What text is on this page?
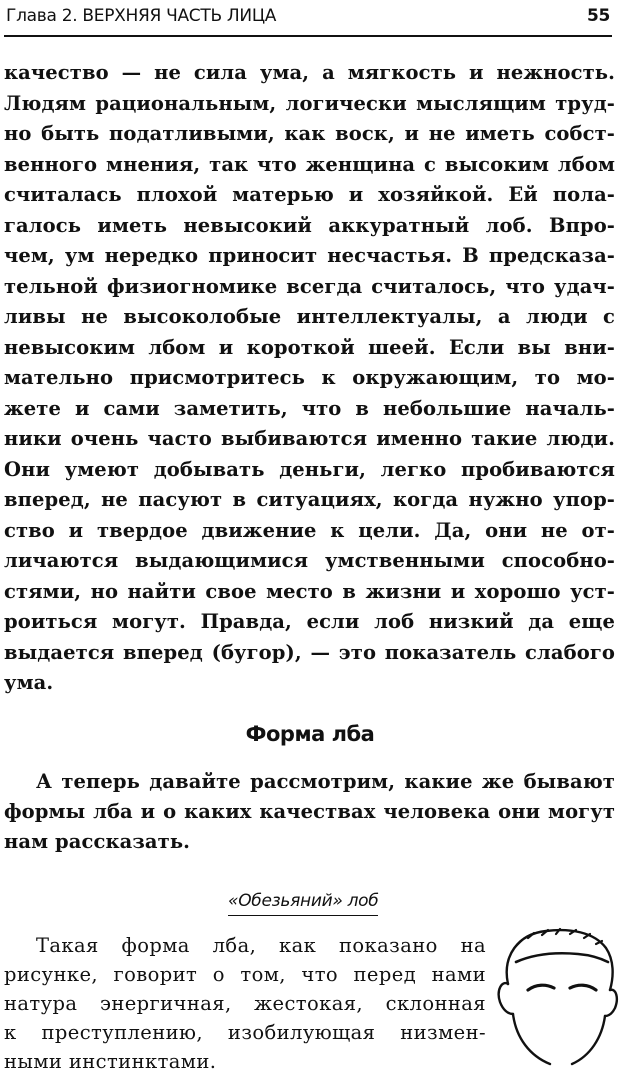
Глава 2. ВЕРХНЯЯ ЧАСТЬ ЛИЦА	55
качество — не сила ума, а мягкость и нежность.
Людям рациональным, логически мыслящим труд-
но быть податливыми, как воск, и не иметь собст-
венного мнения, так что женщина с высоким лбом
считалась плохой матерью и хозяйкой. Ей пола-
галось иметь невысокий аккуратный лоб. Впро-
чем, ум нередко приносит несчастья. В предсказа-
тельной физиогномике всегда считалось, что удач-
ливы не высоколобые интеллектуалы, а люди с
невысоким лбом и короткой шеей. Если вы вни-
мательно присмотритесь к окружающим, то мо-
жете и сами заметить, что в небольшие началь-
ники очень часто выбиваются именно такие люди.
Они умеют добывать деньги, легко пробиваются
вперед, не пасуют в ситуациях, когда нужно упор-
ство и твердое движение к цели. Да, они не от-
личаются выдающимися умственными способно-
стями, но найти свое место в жизни и хорошо уст-
роиться могут. Правда, если лоб низкий да еще
выдается вперед (бугор), — это показатель слабого
ума.
Форма лба
А теперь давайте рассмотрим, какие же бывают
формы лба и о каких качествах человека они могут
нам рассказать.
«Обезьяний» лоб
Такая форма лба, как показано на
рисунке, говорит о том, что перед нами
натура энергичная, жестокая, склонная
к преступлению, изобилующая низмен-
ными инстинктами.
